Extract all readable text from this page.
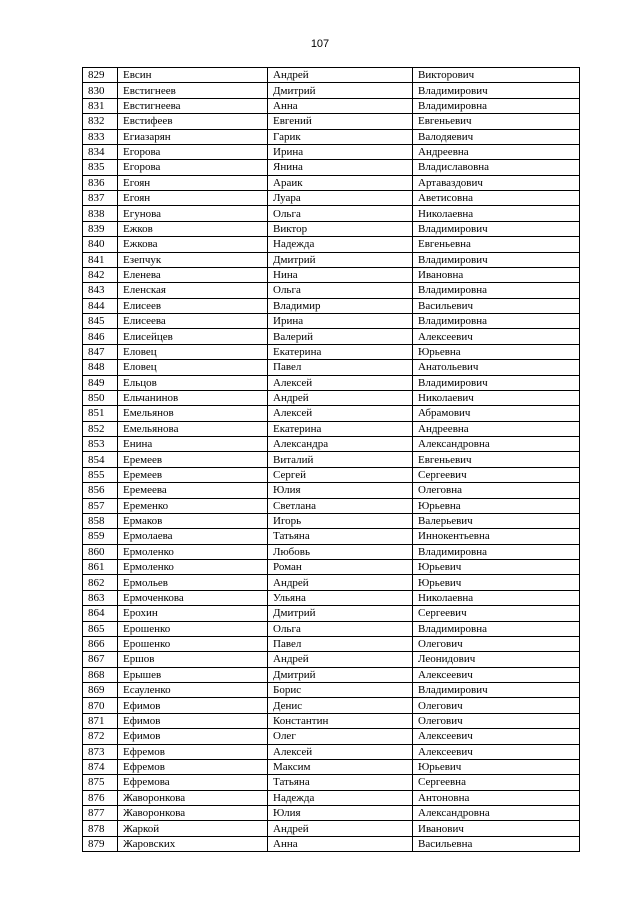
107
829	Евсин	Андрей	Викторович
830	Евстигнеев	Дмитрий	Владимирович
831	Евстигнеева	Анна	Владимировна
832	Евстифеев	Евгений	Евгеньевич
833	Егиазарян	Гарик	Валодяевич
834	Егорова	Ирина	Андреевна
835	Егорова	Янина	Владиславовна
836	Егоян	Араик	Артаваздович
837	Егоян	Луара	Аветисовна
838	Егунова	Ольга	Николаевна
839	Ежков	Виктор	Владимирович
840	Ежкова	Надежда	Евгеньевна
841	Езепчук	Дмитрий	Владимирович
842	Еленева	Нина	Ивановна
843	Еленская	Ольга	Владимировна
844	Елисеев	Владимир	Васильевич
845	Елисеева	Ирина	Владимировна
846	Елисейцев	Валерий	Алексеевич
847	Еловец	Екатерина	Юрьевна
848	Еловец	Павел	Анатольевич
849	Ельцов	Алексей	Владимирович
850	Ельчанинов	Андрей	Николаевич
851	Емельянов	Алексей	Абрамович
852	Емельянова	Екатерина	Андреевна
853	Енина	Александра	Александровна
854	Еремеев	Виталий	Евгеньевич
855	Еремеев	Сергей	Сергеевич
856	Еремеева	Юлия	Олеговна
857	Еременко	Светлана	Юрьевна
858	Ермаков	Игорь	Валерьевич
859	Ермолаева	Татьяна	Иннокентьевна
860	Ермоленко	Любовь	Владимировна
861	Ермоленко	Роман	Юрьевич
862	Ермольев	Андрей	Юрьевич
863	Ермоченкова	Ульяна	Николаевна
864	Ерохин	Дмитрий	Сергеевич
865	Ерошенко	Ольга	Владимировна
866	Ерошенко	Павел	Олегович
867	Ершов	Андрей	Леонидович
868	Ерышев	Дмитрий	Алексеевич
869	Есауленко	Борис	Владимирович
870	Ефимов	Денис	Олегович
871	Ефимов	Константин	Олегович
872	Ефимов	Олег	Алексеевич
873	Ефремов	Алексей	Алексеевич
874	Ефремов	Максим	Юрьевич
875	Ефремова	Татьяна	Сергеевна
876	Жаворонкова	Надежда	Антоновна
877	Жаворонкова	Юлия	Александровна
878	Жаркой	Андрей	Иванович
879	Жаровских	Анна	Васильевна
